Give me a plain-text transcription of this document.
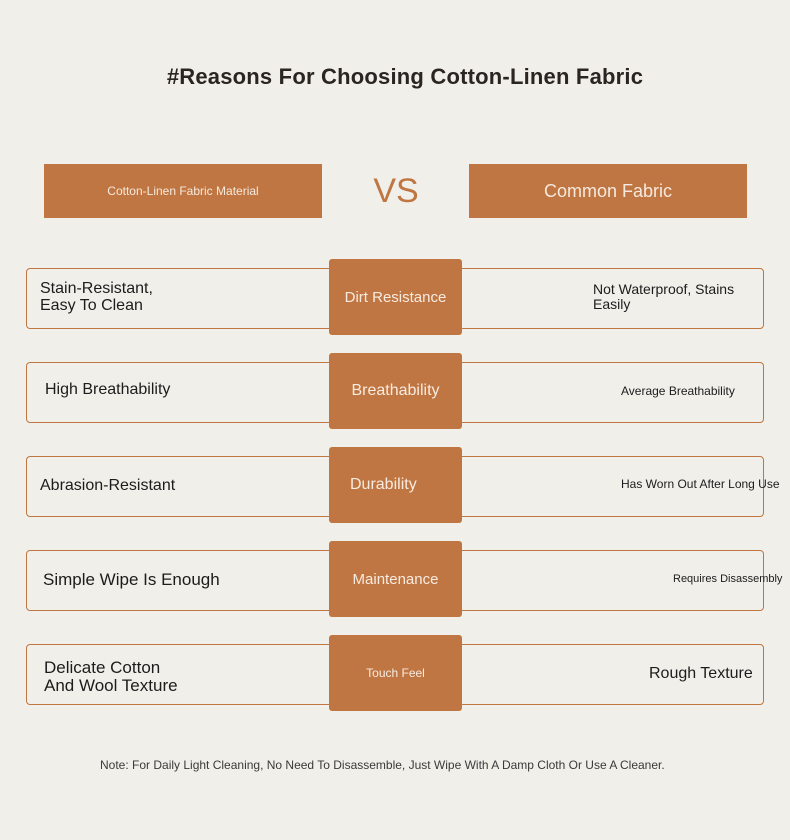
#Reasons For Choosing Cotton-Linen Fabric
Cotton-Linen Fabric Material	VS	Common Fabric
Stain-Resistant,
Easy To Clean	Dirt Resistance	Not Waterproof, Stains
Easily
High Breathability	Breathability	Average Breathability
Abrasion-Resistant	Durability	Has Worn Out After Long Use
Simple Wipe Is Enough	Maintenance	Requires Disassembly
Delicate Cotton
And Wool Texture
Touch Feel	Rough Texture
Note: For Daily Light Cleaning, No Need To Disassemble, Just Wipe With A Damp Cloth Or Use A Cleaner.
